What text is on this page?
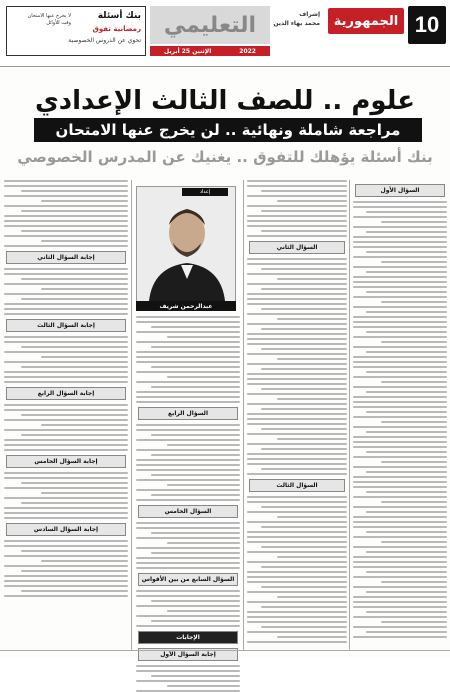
10
الجمهورية
إشراف
محمد بهاء الدين
التعليمي
الإثنين 25 أبريل	2022
بنك أسئلة
رمضانية تفوق
لا يخرج عنها الامتحان
وقت للأوائل
تحوي عن الدروس الخصوصية
علوم .. للصف الثالث الإعدادي
مراجعة شاملة ونهائية .. لن يخرج عنها الامتحان
بنك أسئلة يؤهلك للتفوق .. يغنيك عن المدرس الخصوصي
السؤال الأول
السؤال الثاني
السؤال الثالث
إعداد
عبدالرحمن شريف
السؤال الرابع
السؤال الخامس
السؤال السابع من بين الأقواس
الإجابات
إجابة السؤال الأول
إجابة السؤال الثاني
إجابة السؤال الثالث
إجابة السؤال الرابع
إجابة السؤال الخامس
إجابة السؤال السادس
